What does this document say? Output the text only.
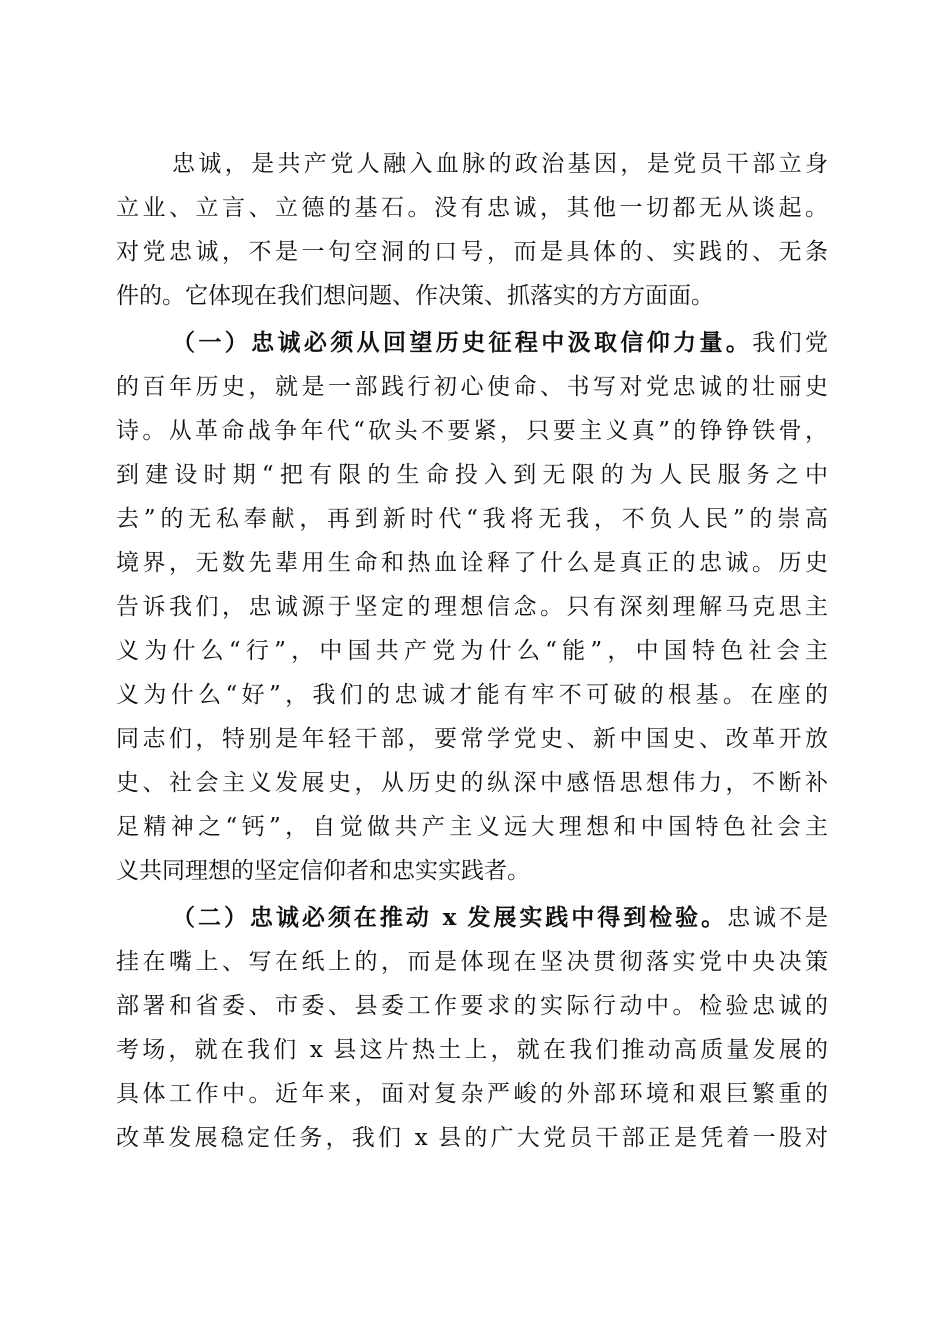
忠诚，是共产党人融入血脉的政治基因，是党员干部立身
立业、立言、立德的基石。没有忠诚，其他一切都无从谈起。
对党忠诚，不是一句空洞的口号，而是具体的、实践的、无条
件的。它体现在我们想问题、作决策、抓落实的方方面面。
（一）忠诚必须从回望历史征程中汲取信仰力量。我们党
的百年历史，就是一部践行初心使命、书写对党忠诚的壮丽史
诗。从革命战争年代“砍头不要紧，只要主义真”的铮铮铁骨，
到建设时期“把有限的生命投入到无限的为人民服务之中
去”的无私奉献，再到新时代“我将无我，不负人民”的崇高
境界，无数先辈用生命和热血诠释了什么是真正的忠诚。历史
告诉我们，忠诚源于坚定的理想信念。只有深刻理解马克思主
义为什么“行”，中国共产党为什么“能”，中国特色社会主
义为什么“好”，我们的忠诚才能有牢不可破的根基。在座的
同志们，特别是年轻干部，要常学党史、新中国史、改革开放
史、社会主义发展史，从历史的纵深中感悟思想伟力，不断补
足精神之“钙”，自觉做共产主义远大理想和中国特色社会主
义共同理想的坚定信仰者和忠实实践者。
（二）忠诚必须在推动 x 发展实践中得到检验。忠诚不是
挂在嘴上、写在纸上的，而是体现在坚决贯彻落实党中央决策
部署和省委、市委、县委工作要求的实际行动中。检验忠诚的
考场，就在我们 x 县这片热土上，就在我们推动高质量发展的
具体工作中。近年来，面对复杂严峻的外部环境和艰巨繁重的
改革发展稳定任务，我们 x 县的广大党员干部正是凭着一股对
